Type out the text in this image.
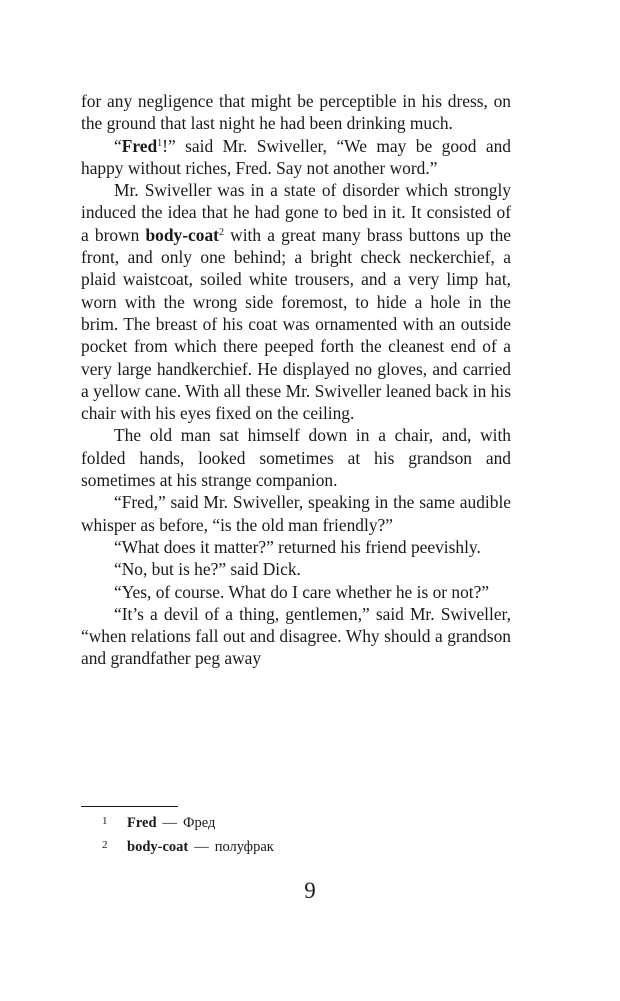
for any negligence that might be perceptible in his dress, on the ground that last night he had been drinking much.

“Fred$^1$!” said Mr. Swiveller, “We may be good and happy without riches, Fred. Say not another word.”

Mr. Swiveller was in a state of disorder which strongly induced the idea that he had gone to bed in it. It consisted of a brown body-coat$^2$ with a great many brass buttons up the front, and only one behind; a bright check neckerchief, a plaid waistcoat, soiled white trousers, and a very limp hat, worn with the wrong side foremost, to hide a hole in the brim. The breast of his coat was ornamented with an outside pocket from which there peeped forth the cleanest end of a very large handkerchief. He displayed no gloves, and carried a yellow cane. With all these Mr. Swiveller leaned back in his chair with his eyes fixed on the ceiling.

The old man sat himself down in a chair, and, with folded hands, looked sometimes at his grandson and sometimes at his strange companion.

“Fred,” said Mr. Swiveller, speaking in the same audible whisper as before, “is the old man friendly?”

“What does it matter?” returned his friend peevishly.

“No, but is he?” said Dick.

“Yes, of course. What do I care whether he is or not?”

“It’s a devil of a thing, gentlemen,” said Mr. Swiveller, “when relations fall out and disagree. Why should a grandson and grandfather peg away

1	Fred — Фред
2	body-coat — полуфрак
9
